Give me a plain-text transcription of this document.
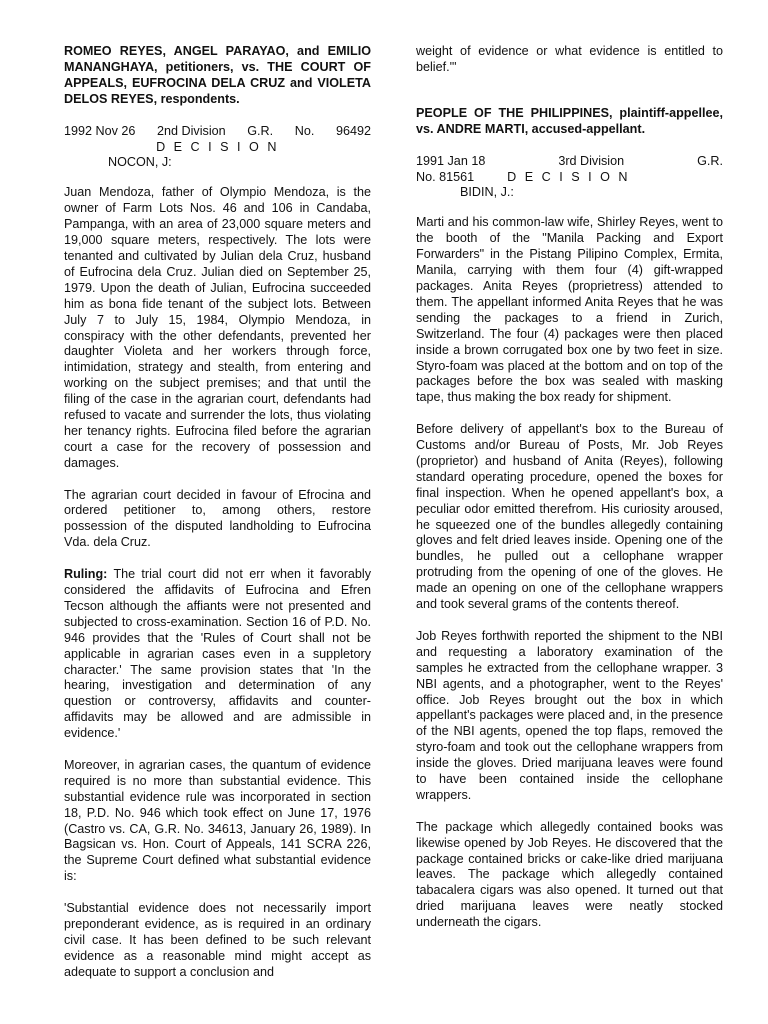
ROMEO REYES, ANGEL PARAYAO, and EMILIO MANANGHAYA, petitioners, vs. THE COURT OF APPEALS, EUFROCINA DELA CRUZ and VIOLETA DELOS REYES, respondents.

1992 Nov 26 2nd Division G.R. No. 96492
D E C I S I O N
NOCON, J:

Juan Mendoza, father of Olympio Mendoza, is the owner of Farm Lots Nos. 46 and 106 in Candaba, Pampanga, with an area of 23,000 square meters and 19,000 square meters, respectively. The lots were tenanted and cultivated by Julian dela Cruz, husband of Eufrocina dela Cruz. Julian died on September 25, 1979. Upon the death of Julian, Eufrocina succeeded him as bona fide tenant of the subject lots. Between July 7 to July 15, 1984, Olympio Mendoza, in conspiracy with the other defendants, prevented her daughter Violeta and her workers through force, intimidation, strategy and stealth, from entering and working on the subject premises; and that until the filing of the case in the agrarian court, defendants had refused to vacate and surrender the lots, thus violating her tenancy rights. Eufrocina filed before the agrarian court a case for the recovery of possession and damages.

The agrarian court decided in favour of Efrocina and ordered petitioner to, among others, restore possession of the disputed landholding to Eufrocina Vda. dela Cruz.

Ruling: The trial court did not err when it favorably considered the affidavits of Eufrocina and Efren Tecson although the affiants were not presented and subjected to cross-examination. Section 16 of P.D. No. 946 provides that the 'Rules of Court shall not be applicable in agrarian cases even in a suppletory character.' The same provision states that 'In the hearing, investigation and determination of any question or controversy, affidavits and counter-affidavits may be allowed and are admissible in evidence.'

Moreover, in agrarian cases, the quantum of evidence required is no more than substantial evidence. This substantial evidence rule was incorporated in section 18, P.D. No. 946 which took effect on June 17, 1976 (Castro vs. CA, G.R. No. 34613, January 26, 1989). In Bagsican vs. Hon. Court of Appeals, 141 SCRA 226, the Supreme Court defined what substantial evidence is:

'Substantial evidence does not necessarily import preponderant evidence, as is required in an ordinary civil case. It has been defined to be such relevant evidence as a reasonable mind might accept as adequate to support a conclusion and

weight of evidence or what evidence is entitled to belief.'"

PEOPLE OF THE PHILIPPINES, plaintiff-appellee, vs. ANDRE MARTI, accused-appellant.

1991 Jan 18	3rd Division	G.R.
No. 81561	D E C I S I O N
BIDIN, J.:

Marti and his common-law wife, Shirley Reyes, went to the booth of the "Manila Packing and Export Forwarders" in the Pistang Pilipino Complex, Ermita, Manila, carrying with them four (4) gift-wrapped packages. Anita Reyes (proprietress) attended to them. The appellant informed Anita Reyes that he was sending the packages to a friend in Zurich, Switzerland. The four (4) packages were then placed inside a brown corrugated box one by two feet in size. Styro-foam was placed at the bottom and on top of the packages before the box was sealed with masking tape, thus making the box ready for shipment.

Before delivery of appellant's box to the Bureau of Customs and/or Bureau of Posts, Mr. Job Reyes (proprietor) and husband of Anita (Reyes), following standard operating procedure, opened the boxes for final inspection. When he opened appellant's box, a peculiar odor emitted therefrom. His curiosity aroused, he squeezed one of the bundles allegedly containing gloves and felt dried leaves inside. Opening one of the bundles, he pulled out a cellophane wrapper protruding from the opening of one of the gloves. He made an opening on one of the cellophane wrappers and took several grams of the contents thereof.

Job Reyes forthwith reported the shipment to the NBI and requesting a laboratory examination of the samples he extracted from the cellophane wrapper. 3 NBI agents, and a photographer, went to the Reyes' office. Job Reyes brought out the box in which appellant's packages were placed and, in the presence of the NBI agents, opened the top flaps, removed the styro-foam and took out the cellophane wrappers from inside the gloves. Dried marijuana leaves were found to have been contained inside the cellophane wrappers.

The package which allegedly contained books was likewise opened by Job Reyes. He discovered that the package contained bricks or cake-like dried marijuana leaves. The package which allegedly contained tabacalera cigars was also opened. It turned out that dried marijuana leaves were neatly stocked underneath the cigars.
